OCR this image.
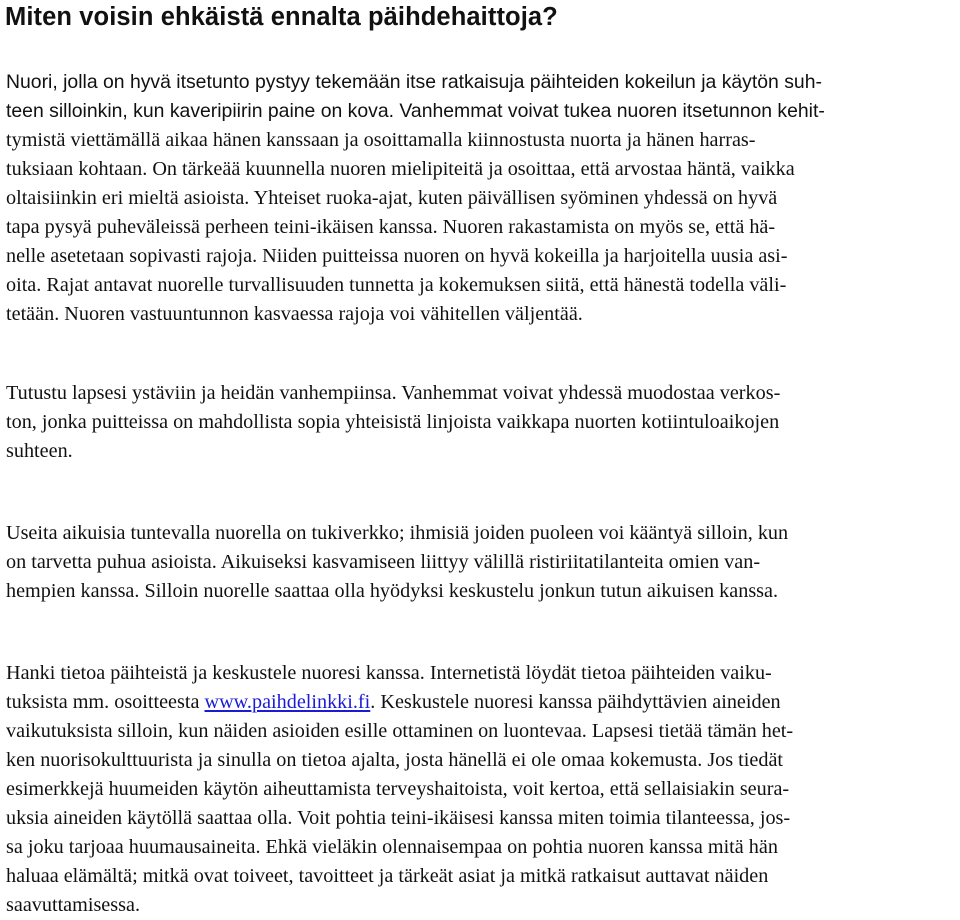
Miten voisin ehkäistä ennalta päihdehaittoja?
Nuori, jolla on hyvä itsetunto pystyy tekemään itse ratkaisuja päihteiden kokeilun ja käytön suh-
teen silloinkin, kun kaveripiirin paine on kova. Vanhemmat voivat tukea nuoren itsetunnon kehit-
tymistä viettämällä aikaa hänen kanssaan ja osoittamalla kiinnostusta nuorta ja hänen harras-
tuksiaan kohtaan. On tärkeää kuunnella nuoren mielipiteitä ja osoittaa, että arvostaa häntä, vaikka
oltaisiinkin eri mieltä asioista. Yhteiset ruoka-ajat, kuten päivällisen syöminen yhdessä on hyvä
tapa pysyä puheväleissä perheen teini-ikäisen kanssa. Nuoren rakastamista on myös se, että hä-
nelle asetetaan sopivasti rajoja. Niiden puitteissa nuoren on hyvä kokeilla ja harjoitella uusia asi-
oita. Rajat antavat nuorelle turvallisuuden tunnetta ja kokemuksen siitä, että hänestä todella väli-
tetään. Nuoren vastuuntunnon kasvaessa rajoja voi vähitellen väljentää.
Tutustu lapsesi ystäviin ja heidän vanhempiinsa. Vanhemmat voivat yhdessä muodostaa verkos-
ton, jonka puitteissa on mahdollista sopia yhteisistä linjoista vaikkapa nuorten kotiintuloaikojen
suhteen.
Useita aikuisia tuntevalla nuorella on tukiverkko; ihmisiä joiden puoleen voi kääntyä silloin, kun
on tarvetta puhua asioista. Aikuiseksi kasvamiseen liittyy välillä ristiriitatilanteita omien van-
hempien kanssa. Silloin nuorelle saattaa olla hyödyksi keskustelu jonkun tutun aikuisen kanssa.
Hanki tietoa päihteistä ja keskustele nuoresi kanssa. Internetistä löydät tietoa päihteiden vaiku-
tuksista mm. osoitteesta www.paihdelinkki.fi. Keskustele nuoresi kanssa päihdyttävien aineiden
vaikutuksista silloin, kun näiden asioiden esille ottaminen on luontevaa. Lapsesi tietää tämän het-
ken nuorisokulttuurista ja sinulla on tietoa ajalta, josta hänellä ei ole omaa kokemusta. Jos tiedät
esimerkkejä huumeiden käytön aiheuttamista terveyshaitoista, voit kertoa, että sellaisiakin seura-
uksia aineiden käytöllä saattaa olla. Voit pohtia teini-ikäisesi kanssa miten toimia tilanteessa, jos-
sa joku tarjoaa huumausaineita. Ehkä vieläkin olennaisempaa on pohtia nuoren kanssa mitä hän
haluaa elämältä; mitkä ovat toiveet, tavoitteet ja tärkeät asiat ja mitkä ratkaisut auttavat näiden
saavuttamisessa.
